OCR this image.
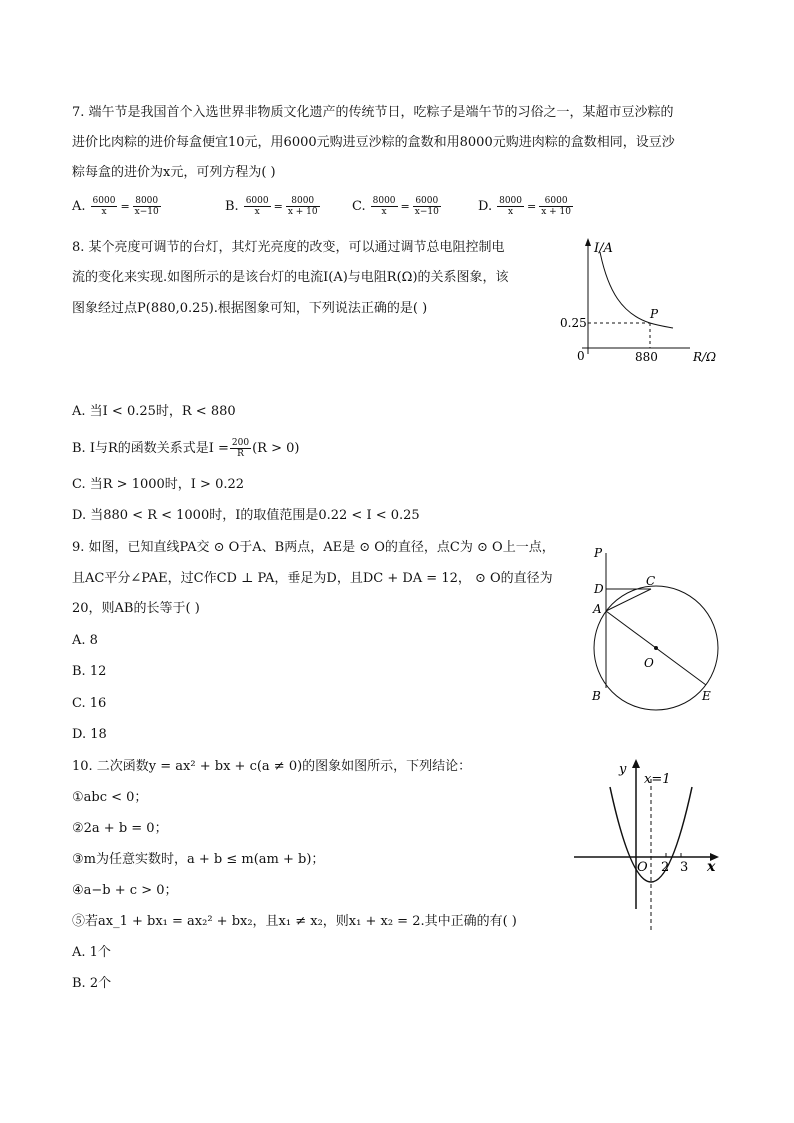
7. 端午节是我国首个入选世界非物质文化遗产的传统节日，吃粽子是端午节的习俗之一，某超市豆沙粽的
进价比肉粽的进价每盒便宜10元，用6000元购进豆沙粽的盒数和用8000元购进肉粽的盒数相同，设豆沙
粽每盒的进价为x元，可列方程为( )
A. $\frac{6000}{x} = \frac{8000}{x-10}$	B. $\frac{6000}{x} = \frac{8000}{x + 10} C$. $\frac{8000}{x} = \frac{6000}{x-10}$	D. $\frac{8000}{x} = \frac{6000}{x + 10}$
8. 某个亮度可调节的台灯，其灯光亮度的改变，可以通过调节总电阻控制电
流的变化来实现.如图所示的是该台灯的电流I(A)与电阻R(Ω)的关系图象，该
图象经过点P(880,0.25).根据图象可知，下列说法正确的是( )
I/A
R/Ω
0
0.25
880
P
A. 当I < 0.25时，R < 880
B. I与R的函数关系式是$I = \frac{200}{R} (R > 0)$
C. 当R > 1000时，I > 0.22
D. 当880 < R < 1000时，I的取值范围是0.22 < I < 0.25
9. 如图，已知直线PA交 ⊙ O于A、B两点，AE是 ⊙ O的直径，点C为 ⊙ O上一点，
且AC平分∠PAE，过C作CD ⊥ PA，垂足为D，且DC + DA = 12， ⊙ O的直径为
20，则AB的长等于( )
A. 8
B. 12
C. 16
D. 18
P
D
C
A
O
B	E
10. 二次函数y = ax² + bx + c(a ≠ 0)的图象如图所示，下列结论：
①abc < 0；
②2a + b = 0；
③m为任意实数时，a + b ≤ m(am + b)；
④a−b + c > 0；
⑤若ax_1 + bx₁ = ax₂² + bx₂，且x₁ ≠ x₂，则x₁ + x₂ = 2.其中正确的有( )
A. 1个
B. 2个
y
x=1
O 2 3 x
